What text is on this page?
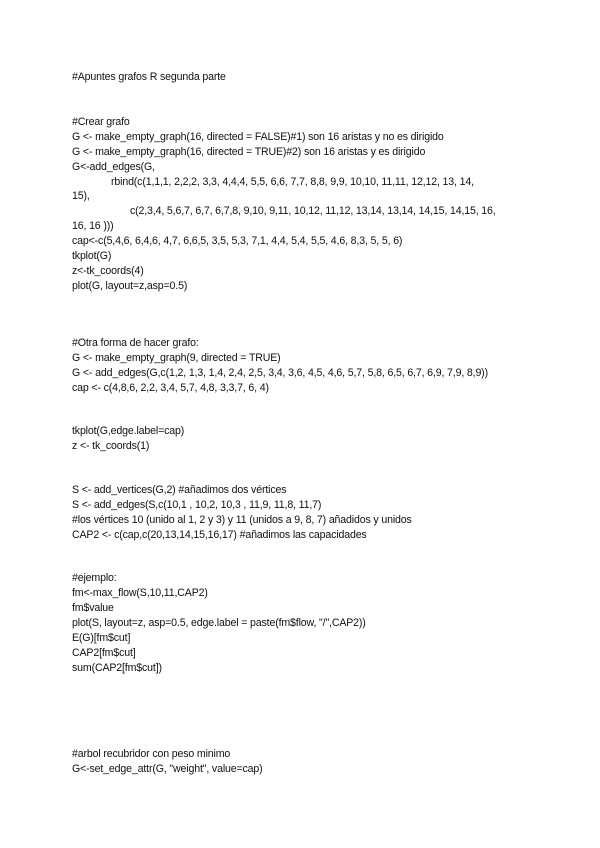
#Apuntes grafos R segunda parte
#Crear grafo
G <- make_empty_graph(16, directed = FALSE)#1) son 16 aristas y no es dirigido
G <- make_empty_graph(16, directed = TRUE)#2) son 16 aristas y es dirigido
G<-add_edges(G,
rbind(c(1,1,1, 2,2,2, 3,3, 4,4,4, 5,5, 6,6, 7,7, 8,8, 9,9, 10,10, 11,11, 12,12, 13, 14,
15),
c(2,3,4, 5,6,7, 6,7, 6,7,8, 9,10, 9,11, 10,12, 11,12, 13,14, 13,14, 14,15, 14,15, 16,
16, 16 )))
cap<-c(5,4,6, 6,4,6, 4,7, 6,6,5, 3,5, 5,3, 7,1, 4,4, 5,4, 5,5, 4,6, 8,3, 5, 5, 6)
tkplot(G)
z<-tk_coords(4)
plot(G, layout=z,asp=0.5)
#Otra forma de hacer grafo:
G <- make_empty_graph(9, directed = TRUE)
G <- add_edges(G,c(1,2, 1,3, 1,4, 2,4, 2,5, 3,4, 3,6, 4,5, 4,6, 5,7, 5,8, 6,5, 6,7, 6,9, 7,9, 8,9))
cap <- c(4,8,6, 2,2, 3,4, 5,7, 4,8, 3,3,7, 6, 4)
tkplot(G,edge.label=cap)
z <- tk_coords(1)
S <- add_vertices(G,2) #añadimos dos vértices
S <- add_edges(S,c(10,1 , 10,2, 10,3 , 11,9, 11,8, 11,7)
#los vértices 10 (unido al 1, 2 y 3) y 11 (unidos a 9, 8, 7) añadidos y unidos
CAP2 <- c(cap,c(20,13,14,15,16,17) #añadimos las capacidades
#ejemplo:
fm<-max_flow(S,10,11,CAP2)
fm$value
plot(S, layout=z, asp=0.5, edge.label = paste(fm$flow, "/",CAP2))
E(G)[fm$cut]
CAP2[fm$cut]
sum(CAP2[fm$cut])
#arbol recubridor con peso minimo
G<-set_edge_attr(G, "weight", value=cap)
